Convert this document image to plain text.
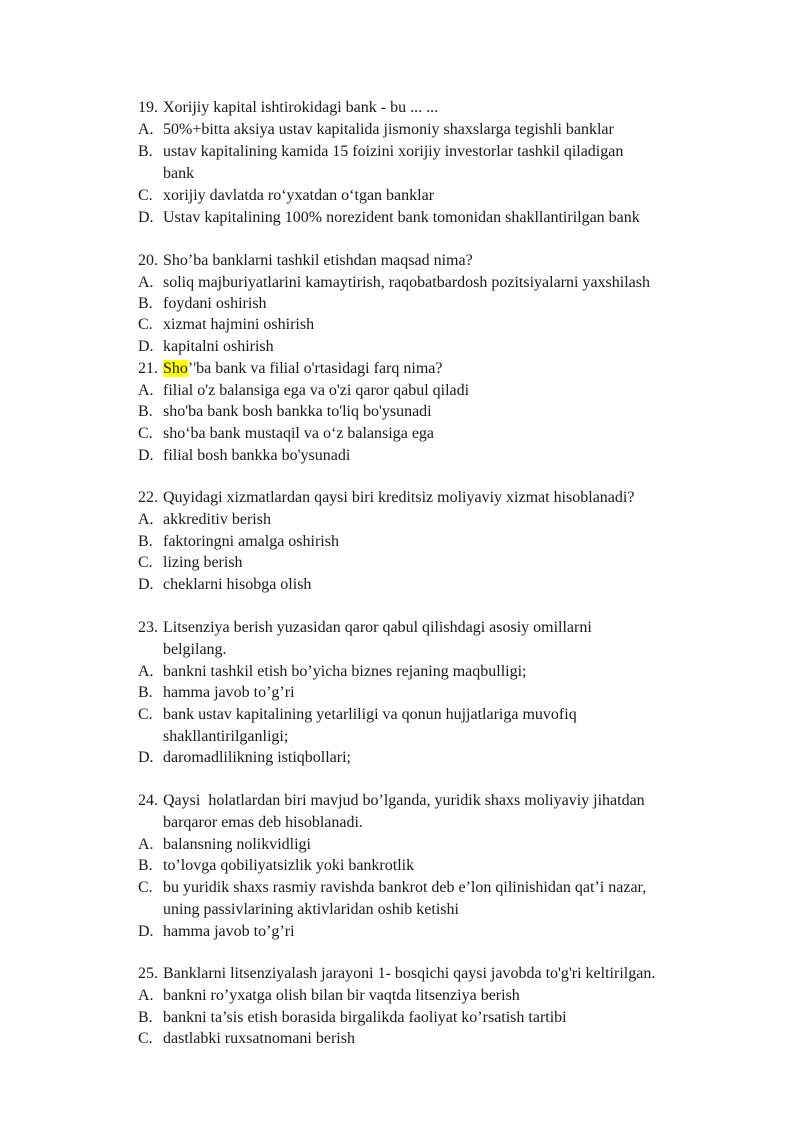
19. Xorijiy kapital ishtirokidagi bank - bu ... ...
A. 50%+bitta aksiya ustav kapitalida jismoniy shaxslarga tegishli banklar
B. ustav kapitalining kamida 15 foizini xorijiy investorlar tashkil qiladigan
bank
C. xorijiy davlatda ro‘yxatdan o‘tgan banklar
D. Ustav kapitalining 100% norezident bank tomonidan shakllantirilgan bank
20. Sho’ba banklarni tashkil etishdan maqsad nima?
A. soliq majburiyatlarini kamaytirish, raqobatbardosh pozitsiyalarni yaxshilash
B. foydani oshirish
C. xizmat hajmini oshirish
D. kapitalni oshirish
21. Sho’'ba bank va filial o'rtasidagi farq nima?
A. filial o'z balansiga ega va o'zi qaror qabul qiladi
B. sho'ba bank bosh bankka to'liq bo'ysunadi
C. sho‘ba bank mustaqil va o‘z balansiga ega
D. filial bosh bankka bo'ysunadi
22. Quyidagi xizmatlardan qaysi biri kreditsiz moliyaviy xizmat hisoblanadi?
A. akkreditiv berish
B. faktoringni amalga oshirish
C. lizing berish
D. cheklarni hisobga olish
23. Litsenziya berish yuzasidan qaror qabul qilishdagi asosiy omillarni
belgilang.
A. bankni tashkil etish bo’yicha biznes rejaning maqbulligi;
B. hamma javob to’g’ri
C. bank ustav kapitalining yetarliligi va qonun hujjatlariga muvofiq
shakllantirilganligi;
D. daromadlilikning istiqbollari;
24. Qaysi  holatlardan biri mavjud bo’lganda, yuridik shaxs moliyaviy jihatdan
barqaror emas deb hisoblanadi.
A. balansning nolikvidligi
B. to’lovga qobiliyatsizlik yoki bankrotlik
C. bu yuridik shaxs rasmiy ravishda bankrot deb e’lon qilinishidan qat’i nazar,
uning passivlarining aktivlaridan oshib ketishi
D. hamma javob to’g’ri
25. Banklarni litsenziyalash jarayoni 1- bosqichi qaysi javobda to'g'ri keltirilgan.
A. bankni ro’yxatga olish bilan bir vaqtda litsenziya berish
B. bankni ta’sis etish borasida birgalikda faoliyat ko’rsatish tartibi
C. dastlabki ruxsatnomani berish
